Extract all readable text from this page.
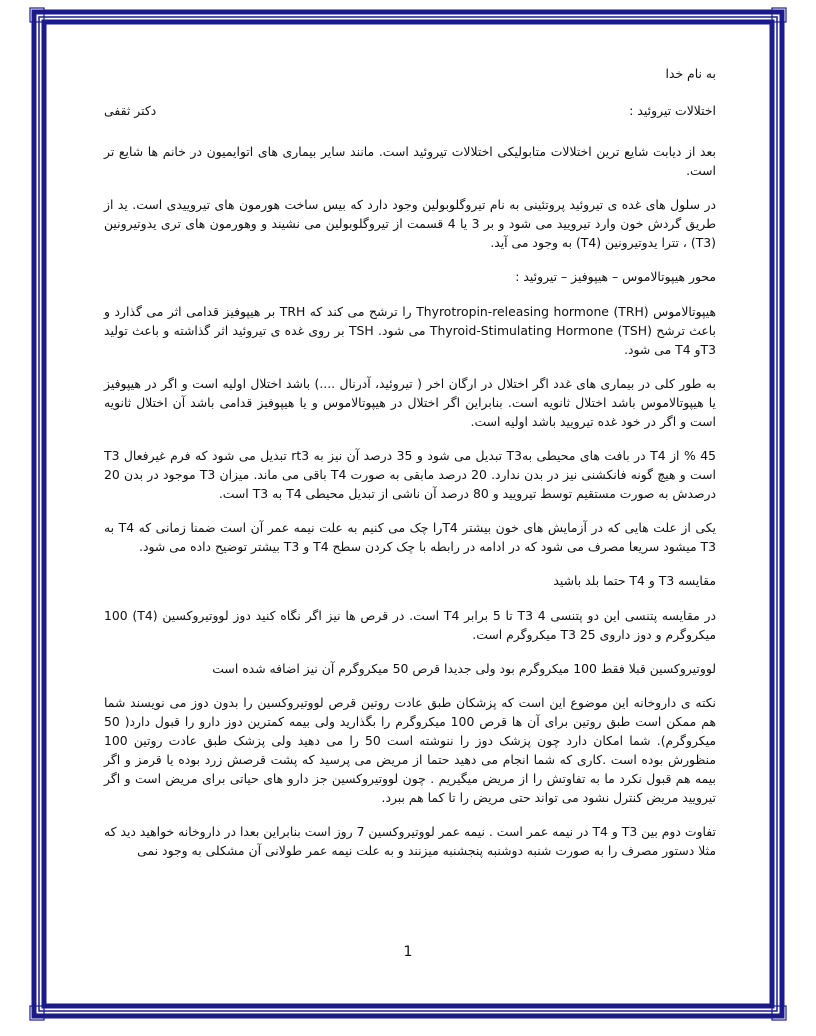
به نام خدا
اختلالات تیروئید :
دکتر ثقفی
بعد از دیابت شایع ترین اختلالات متابولیکی اختلالات تیروئید است. مانند سایر بیماری های اتوایمیون در خانم ها شایع تر است.
در سلول های غده ی تیروئید پروتئینی به نام تیروگلوبولین وجود دارد که بیس ساخت هورمون های تیروییدی است. ید از طریق گردش خون وارد تیرویید می شود و بر 3 یا 4 قسمت از تیروگلوبولین می نشیند و وهورمون های تری یدوتیرونین (T3) ، تترا یدوتیرونین (T4) به وجود می آید.
محور هیپوتالاموس – هیپوفیز – تیروئید :
هیپوتالاموس Thyrotropin-releasing hormone (TRH) را ترشح می کند که TRH بر هیپوفیز قدامی اثر می گذارد و باعث ترشح Thyroid-Stimulating Hormone (TSH) می شود. TSH بر روی غده ی تیروئید اثر گذاشته و باعث تولید T3و T4 می شود.
به طور کلی در بیماری های غدد اگر اختلال در ارگان اخر ( تیروئید، آدرنال ....) باشد اختلال اولیه است و اگر در هیپوفیز یا هیپوتالاموس باشد اختلال ثانویه است. بنابراین اگر اختلال در هیپوتالاموس و یا هیپوفیز قدامی باشد آن اختلال ثانویه است و اگر در خود غده تیرویید باشد اولیه است.
45 % از T4 در بافت های محیطی بهT3 تبدیل می شود و 35 درصد آن نیز به rt3 تبدیل می شود که فرم غیرفعال T3 است و هیچ گونه فانکشنی نیز در بدن ندارد. 20 درصد مابقی به صورت T4 باقی می ماند. میزان T3 موجود در بدن 20 درصدش به صورت مستقیم توسط تیرویید و 80 درصد آن ناشی از تبدیل محیطی T4 به T3 است.
یکی از علت هایی که در آزمایش های خون بیشتر T4را چک می کنیم به علت نیمه عمر آن است ضمنا زمانی که T4 به T3 میشود سریعا مصرف می شود که در ادامه در رابطه با چک کردن سطح T4 و T3 بیشتر توضیح داده می شود.
مقایسه T3 و T4 حتما بلد باشید
در مقایسه پتنسی این دو پتنسی T3 4 تا 5 برابر T4 است. در قرص ها نیز اگر نگاه کنید دوز لووتیروکسین (T4) 100 میکروگرم و دوز داروی T3 25 میکروگرم است.
لووتیروکسین قبلا فقط 100 میکروگرم بود ولی جدیدا قرص 50 میکروگرم آن نیز اضافه شده است
نکته ی داروخانه این موضوع این است که پزشکان طبق عادت روتین قرص لووتیروکسین را بدون دوز می نویسند شما هم ممکن است طبق روتین برای آن ها قرص 100 میکروگرم را بگذارید ولی بیمه کمترین دوز دارو را قبول دارد( 50 میکروگرم). شما امکان دارد چون پزشک دوز را ننوشته است 50 را می دهید ولی پزشک طبق عادت روتین 100 منظورش بوده است .کاری که شما انجام می دهید حتما از مریض می پرسید که پشت قرصش زرد بوده یا قرمز و اگر بیمه هم قبول نکرد ما به تفاوتش را از مریض میگیریم . چون لووتیروکسین جز دارو های حیاتی برای مریض است و اگر تیرویید مریض کنترل نشود می تواند حتی مریض را تا کما هم ببرد.
تفاوت دوم بین T3 و T4 در نیمه عمر است . نیمه عمر لووتیروکسین 7 روز است بنابراین بعدا در داروخانه خواهید دید که مثلا دستور مصرف را به صورت شنبه دوشنبه پنجشنبه میزنند و به علت نیمه عمر طولانی آن مشکلی به وجود نمی
1
